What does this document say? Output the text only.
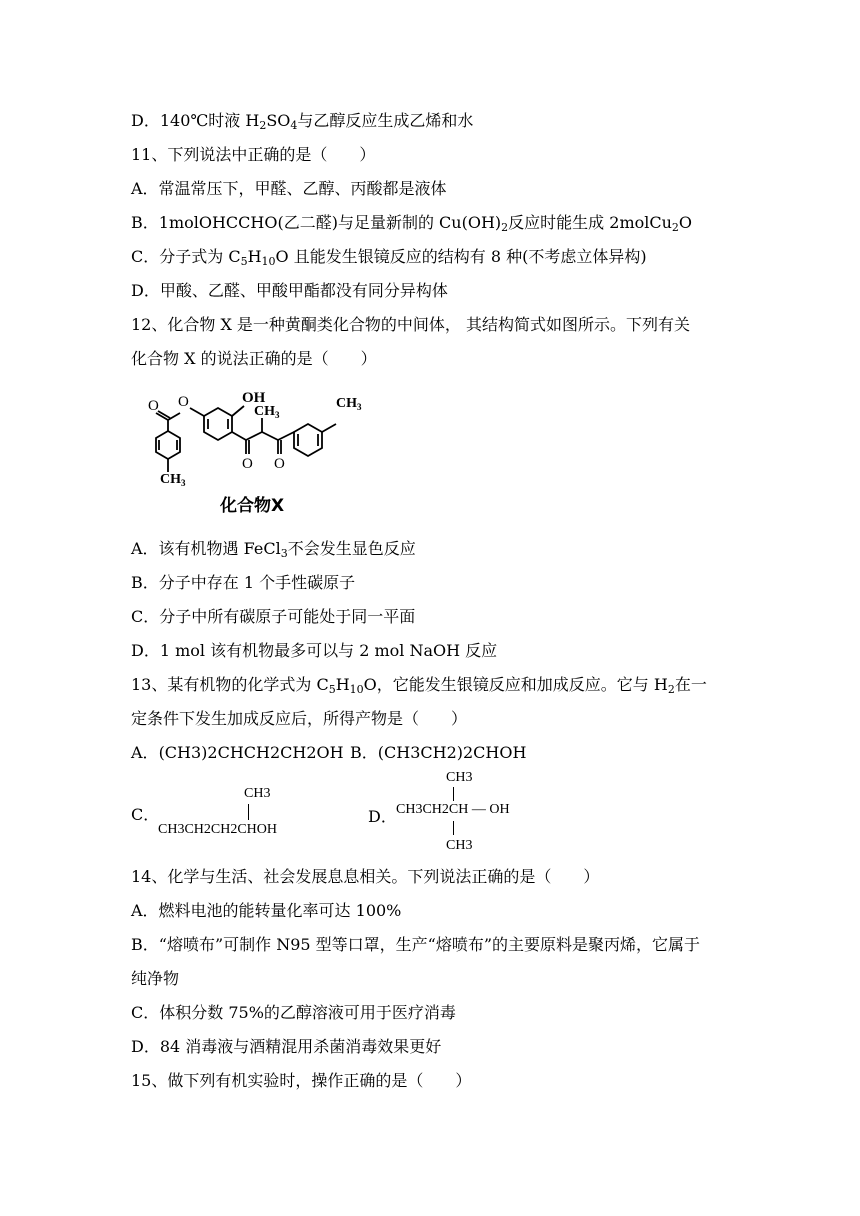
D．140℃时液 $H_2SO_4$与乙醇反应生成乙烯和水
11、下列说法中正确的是（　　）
A．常温常压下，甲醛、乙醇、丙酸都是液体
B．1molOHCCHO(乙二醛)与足量新制的 $Cu(OH)_2$反应时能生成 2molCu$_2$O
C．分子式为 $C_5H_{10}O$ 且能发生银镜反应的结构有 8 种(不考虑立体异构)
D．甲酸、乙醛、甲酸甲酯都没有同分异构体
12、化合物 X 是一种黄酮类化合物的中间体， 其结构简式如图所示。下列有关
化合物 X 的说法正确的是（　　）
O
O	OH
$CH_3$
$CH_3$
$CH_3$
O O
化合物X
A．该有机物遇 FeCl$_3$不会发生显色反应
B．分子中存在 1 个手性碳原子
C．分子中所有碳原子可能处于同一平面
D．1 mol 该有机物最多可以与 2 mol NaOH 反应
13、某有机物的化学式为 $C_5H_{10}O$，它能发生银镜反应和加成反应。它与 $H_2$在一
定条件下发生加成反应后，所得产物是（　　）
A．(CH3)2CHCH2CH2OH B．(CH3CH2)2CHOH
C．
CH3
CH3CH2CH2CHOH
D．
CH3
CH3CH2CH — OH
CH3
14、化学与生活、社会发展息息相关。下列说法正确的是（　　）
A．燃料电池的能转量化率可达 100%
B．“熔喷布”可制作 N95 型等口罩，生产“熔喷布”的主要原料是聚丙烯，它属于
纯净物
C．体积分数 75%的乙醇溶液可用于医疗消毒
D．84 消毒液与酒精混用杀菌消毒效果更好
15、做下列有机实验时，操作正确的是（　　）
